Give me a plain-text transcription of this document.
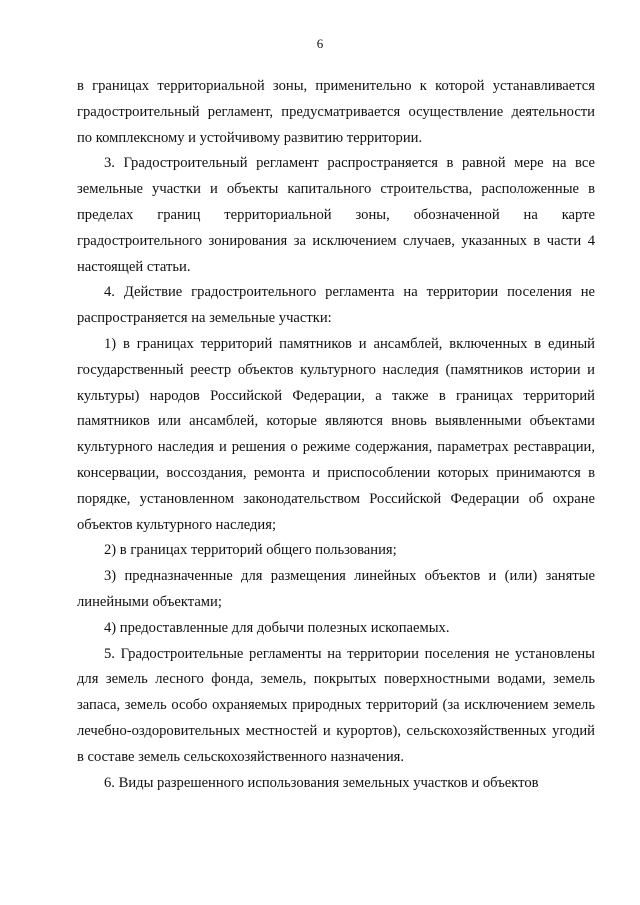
6

в границах территориальной зоны, применительно к которой устанавливается градостроительный регламент, предусматривается осуществление деятельности по комплексному и устойчивому развитию территории.

3. Градостроительный регламент распространяется в равной мере на все земельные участки и объекты капитального строительства, расположенные в пределах границ территориальной зоны, обозначенной на карте градостроительного зонирования за исключением случаев, указанных в части 4 настоящей статьи.

4. Действие градостроительного регламента на территории поселения не распространяется на земельные участки:

1) в границах территорий памятников и ансамблей, включенных в единый государственный реестр объектов культурного наследия (памятников истории и культуры) народов Российской Федерации, а также в границах территорий памятников или ансамблей, которые являются вновь выявленными объектами культурного наследия и решения о режиме содержания, параметрах реставрации, консервации, воссоздания, ремонта и приспособлении которых принимаются в порядке, установленном законодательством Российской Федерации об охране объектов культурного наследия;

2) в границах территорий общего пользования;

3) предназначенные для размещения линейных объектов и (или) занятые линейными объектами;

4) предоставленные для добычи полезных ископаемых.

5. Градостроительные регламенты на территории поселения не установлены для земель лесного фонда, земель, покрытых поверхностными водами, земель запаса, земель особо охраняемых природных территорий (за исключением земель лечебно-оздоровительных местностей и курортов), сельскохозяйственных угодий в составе земель сельскохозяйственного назначения.

6. Виды разрешенного использования земельных участков и объектов
